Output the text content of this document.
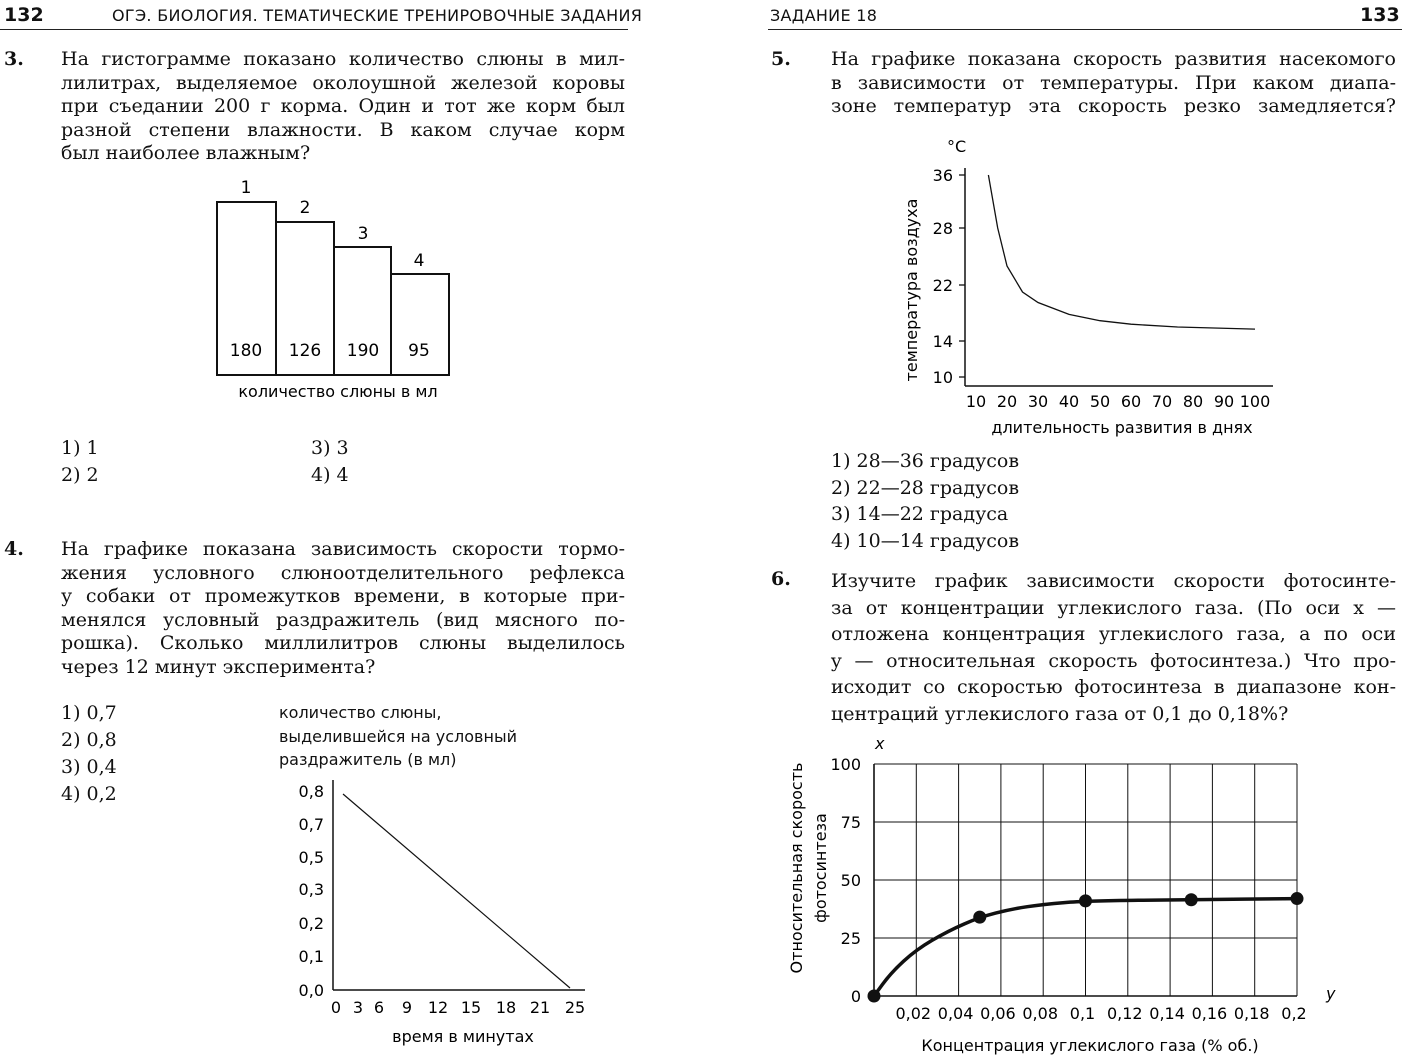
132	ОГЭ. БИОЛОГИЯ. ТЕМАТИЧЕСКИЕ ТРЕНИРОВОЧНЫЕ ЗАДАНИЯ	ЗАДАНИЕ 18	133
3. На гистограмме показано количество слюны в мил-
лилитрах, выделяемое околоушной железой коровы
при съедании 200 г корма. Один и тот же корм был
разной степени влажности. В каком случае корм
был наиболее влажным?
1
2
3
4
180 126 190 95
количество слюны в мл
1) 1
2) 2
3) 3
4) 4
4. На графике показана зависимость скорости тормо-
жения условного слюноотделительного рефлекса
у собаки от промежутков времени, в которые при-
менялся условный раздражитель (вид мясного по-
рошка). Сколько миллилитров слюны выделилось
через 12 минут эксперимента?
1) 0,7
2) 0,8
3) 0,4
4) 0,2
количество слюны,
выделившейся на условный
раздражитель (в мл)
0,0
0,1
0,2
0,3
0,5
0,7
0,8
0 3 6 9 12 15 18 21 25
время в минутах
5. На графике показана скорость развития насекомого
в зависимости от температуры. При каком диапа-
зоне температур эта скорость резко замедляется?
°C
температура воздуха 10
14
22
28
36
10 20 30 40 50 60 70 80 90 100
длительность развития в днях
1) 28—36 градусов
2) 22—28 градусов
3) 14—22 градуса
4) 10—14 градусов
6. Изучите график зависимости скорости фотосинте-
за от концентрации углекислого газа. (По оси x —
отложена концентрация углекислого газа, а по оси
y — относительная скорость фотосинтеза.) Что про-
исходит со скоростью фотосинтеза в диапазоне кон-
центраций углекислого газа от 0,1 до 0,18%?
Относительная скорость фотосинтеза
x
y
0
25
50
75
100
0,02 0,04 0,06 0,08 0,1 0,12 0,14 0,16 0,18 0,2
Концентрация углекислого газа (% об.)
